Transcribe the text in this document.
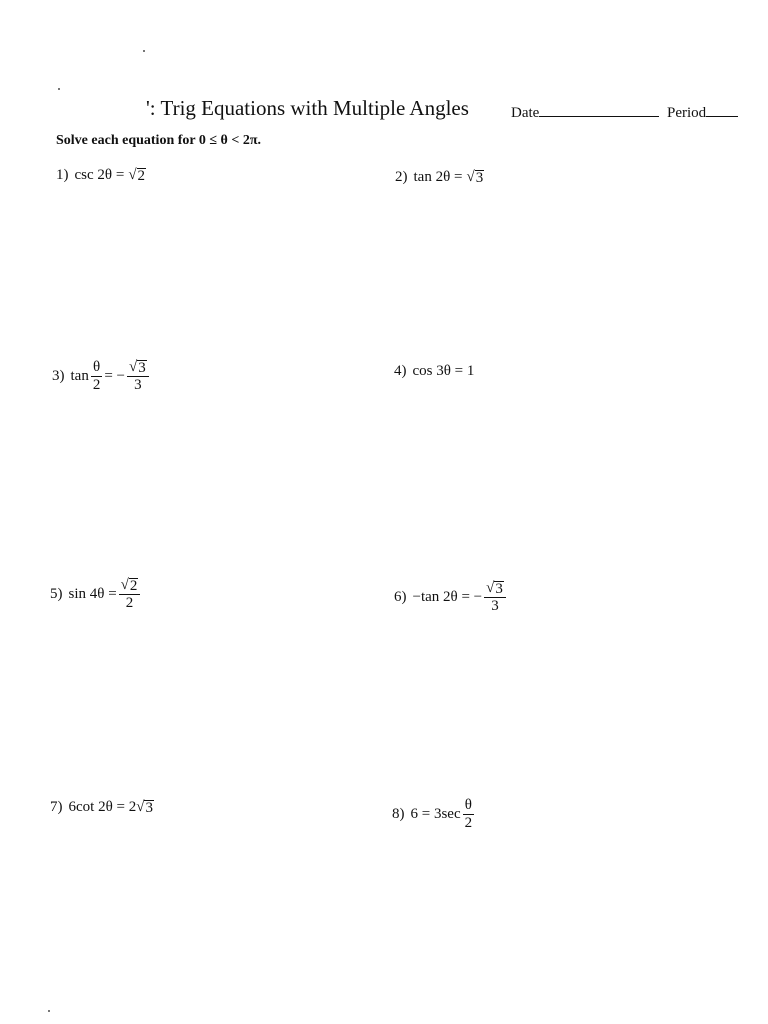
': Trig Equations with Multiple Angles	Date	Period
Solve each equation for 0 ≤ θ < 2π.
1) csc 2θ = √ 2	2) tan 2θ = √ 3
3) $\tan \frac{\theta}{2}$ = − $\frac{√ 3}{3}$	4) cos 3θ = 1
5) $\sin 4\theta = \frac{√ 2}{2}$	6) −tan 2θ = − $\frac{√ 3}{3}$
7) 6cot 2θ = 2 √ 3	8) $6 = 3\sec \frac{\theta}{2}$
